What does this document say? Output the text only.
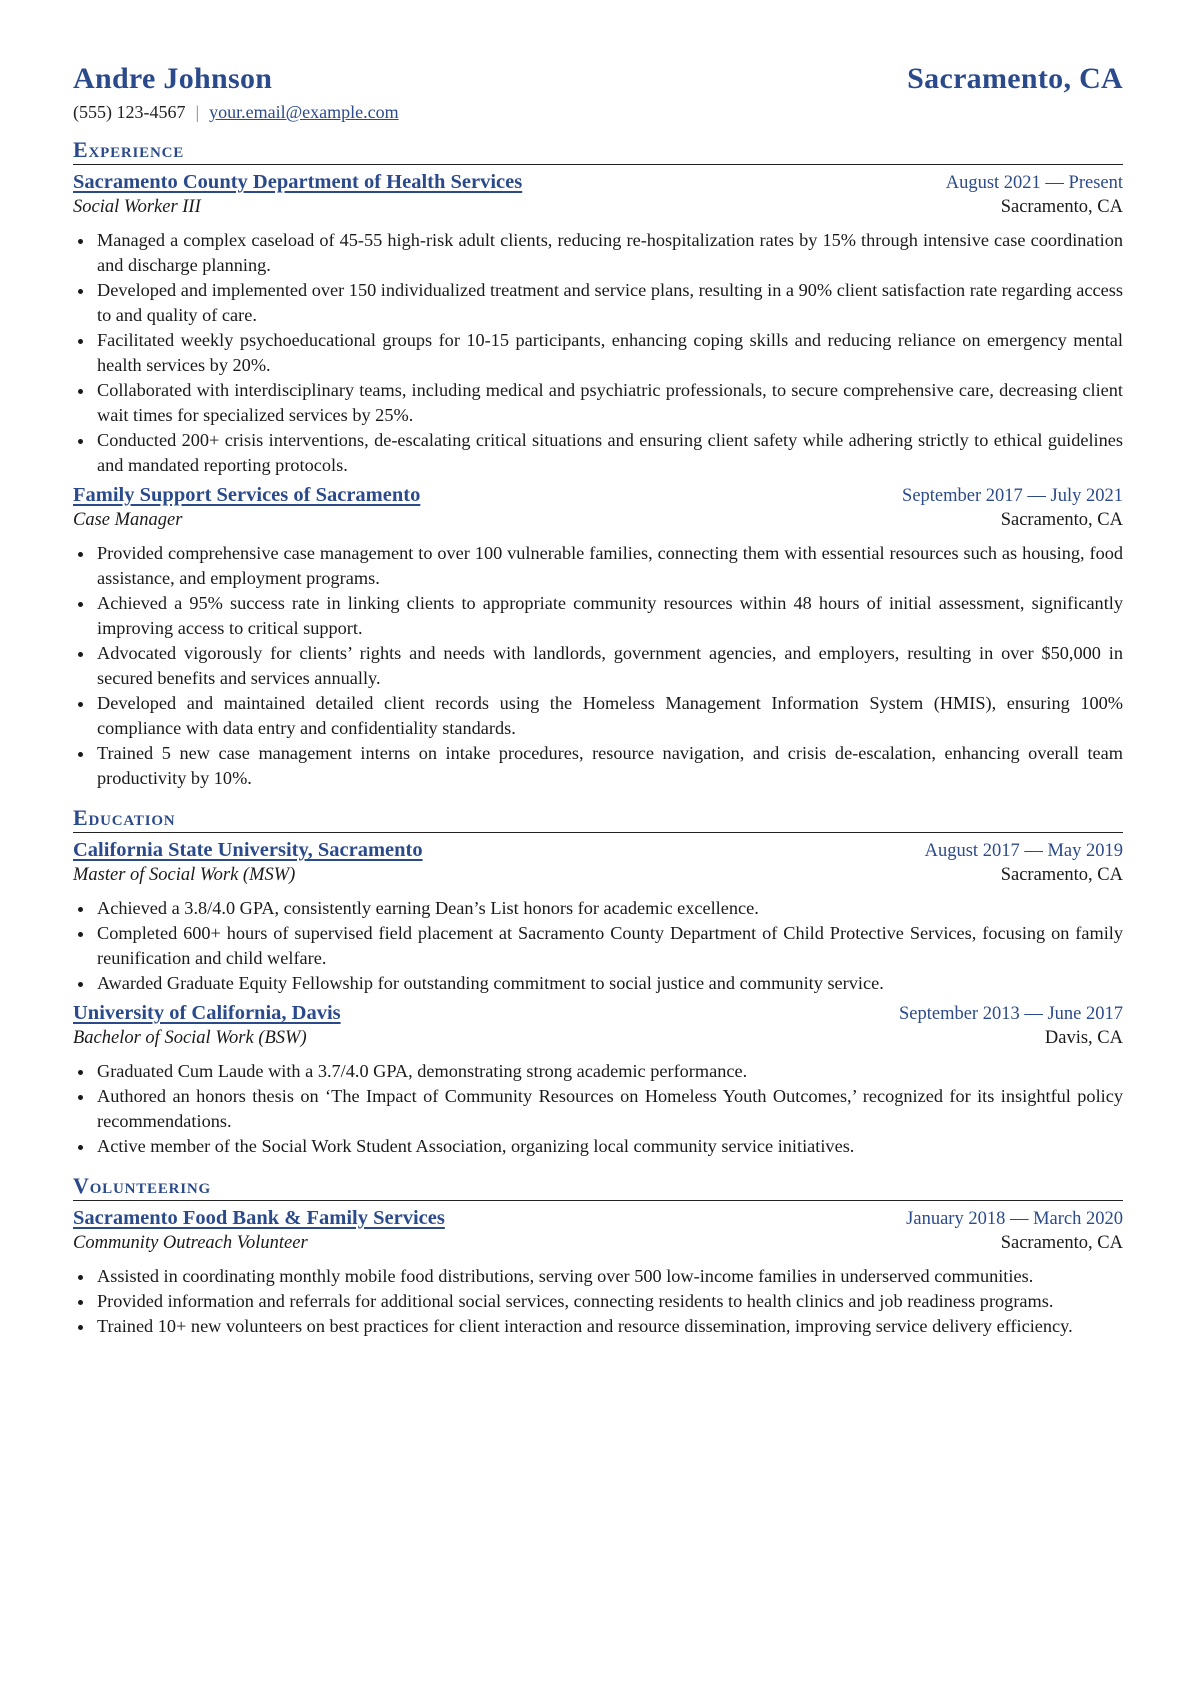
Andre Johnson	Sacramento, CA
(555) 123-4567 | your.email@example.com
Experience
Sacramento County Department of Health Services	August 2021 — Present
Social Worker III	Sacramento, CA
Managed a complex caseload of 45-55 high-risk adult clients, reducing re-hospitalization rates by 15% through intensive case coordination and discharge planning.
Developed and implemented over 150 individualized treatment and service plans, resulting in a 90% client satisfaction rate regarding access to and quality of care.
Facilitated weekly psychoeducational groups for 10-15 participants, enhancing coping skills and reducing reliance on emergency mental health services by 20%.
Collaborated with interdisciplinary teams, including medical and psychiatric professionals, to secure comprehensive care, decreasing client wait times for specialized services by 25%.
Conducted 200+ crisis interventions, de-escalating critical situations and ensuring client safety while adhering strictly to ethical guidelines and mandated reporting protocols.
Family Support Services of Sacramento	September 2017 — July 2021
Case Manager	Sacramento, CA
Provided comprehensive case management to over 100 vulnerable families, connecting them with essential resources such as housing, food assistance, and employment programs.
Achieved a 95% success rate in linking clients to appropriate community resources within 48 hours of initial assessment, significantly improving access to critical support.
Advocated vigorously for clients’ rights and needs with landlords, government agencies, and employers, resulting in over $50,000 in secured benefits and services annually.
Developed and maintained detailed client records using the Homeless Management Information System (HMIS), ensuring 100% compliance with data entry and confidentiality standards.
Trained 5 new case management interns on intake procedures, resource navigation, and crisis de-escalation, enhancing overall team productivity by 10%.
Education
California State University, Sacramento	August 2017 — May 2019
Master of Social Work (MSW)	Sacramento, CA
Achieved a 3.8/4.0 GPA, consistently earning Dean’s List honors for academic excellence.
Completed 600+ hours of supervised field placement at Sacramento County Department of Child Protective Services, focusing on family reunification and child welfare.
Awarded Graduate Equity Fellowship for outstanding commitment to social justice and community service.
University of California, Davis	September 2013 — June 2017
Bachelor of Social Work (BSW)	Davis, CA
Graduated Cum Laude with a 3.7/4.0 GPA, demonstrating strong academic performance.
Authored an honors thesis on ‘The Impact of Community Resources on Homeless Youth Outcomes,’ recognized for its insightful policy recommendations.
Active member of the Social Work Student Association, organizing local community service initiatives.
Volunteering
Sacramento Food Bank & Family Services	January 2018 — March 2020
Community Outreach Volunteer	Sacramento, CA
Assisted in coordinating monthly mobile food distributions, serving over 500 low-income families in underserved communities.
Provided information and referrals for additional social services, connecting residents to health clinics and job readiness programs.
Trained 10+ new volunteers on best practices for client interaction and resource dissemination, improving service delivery efficiency.
